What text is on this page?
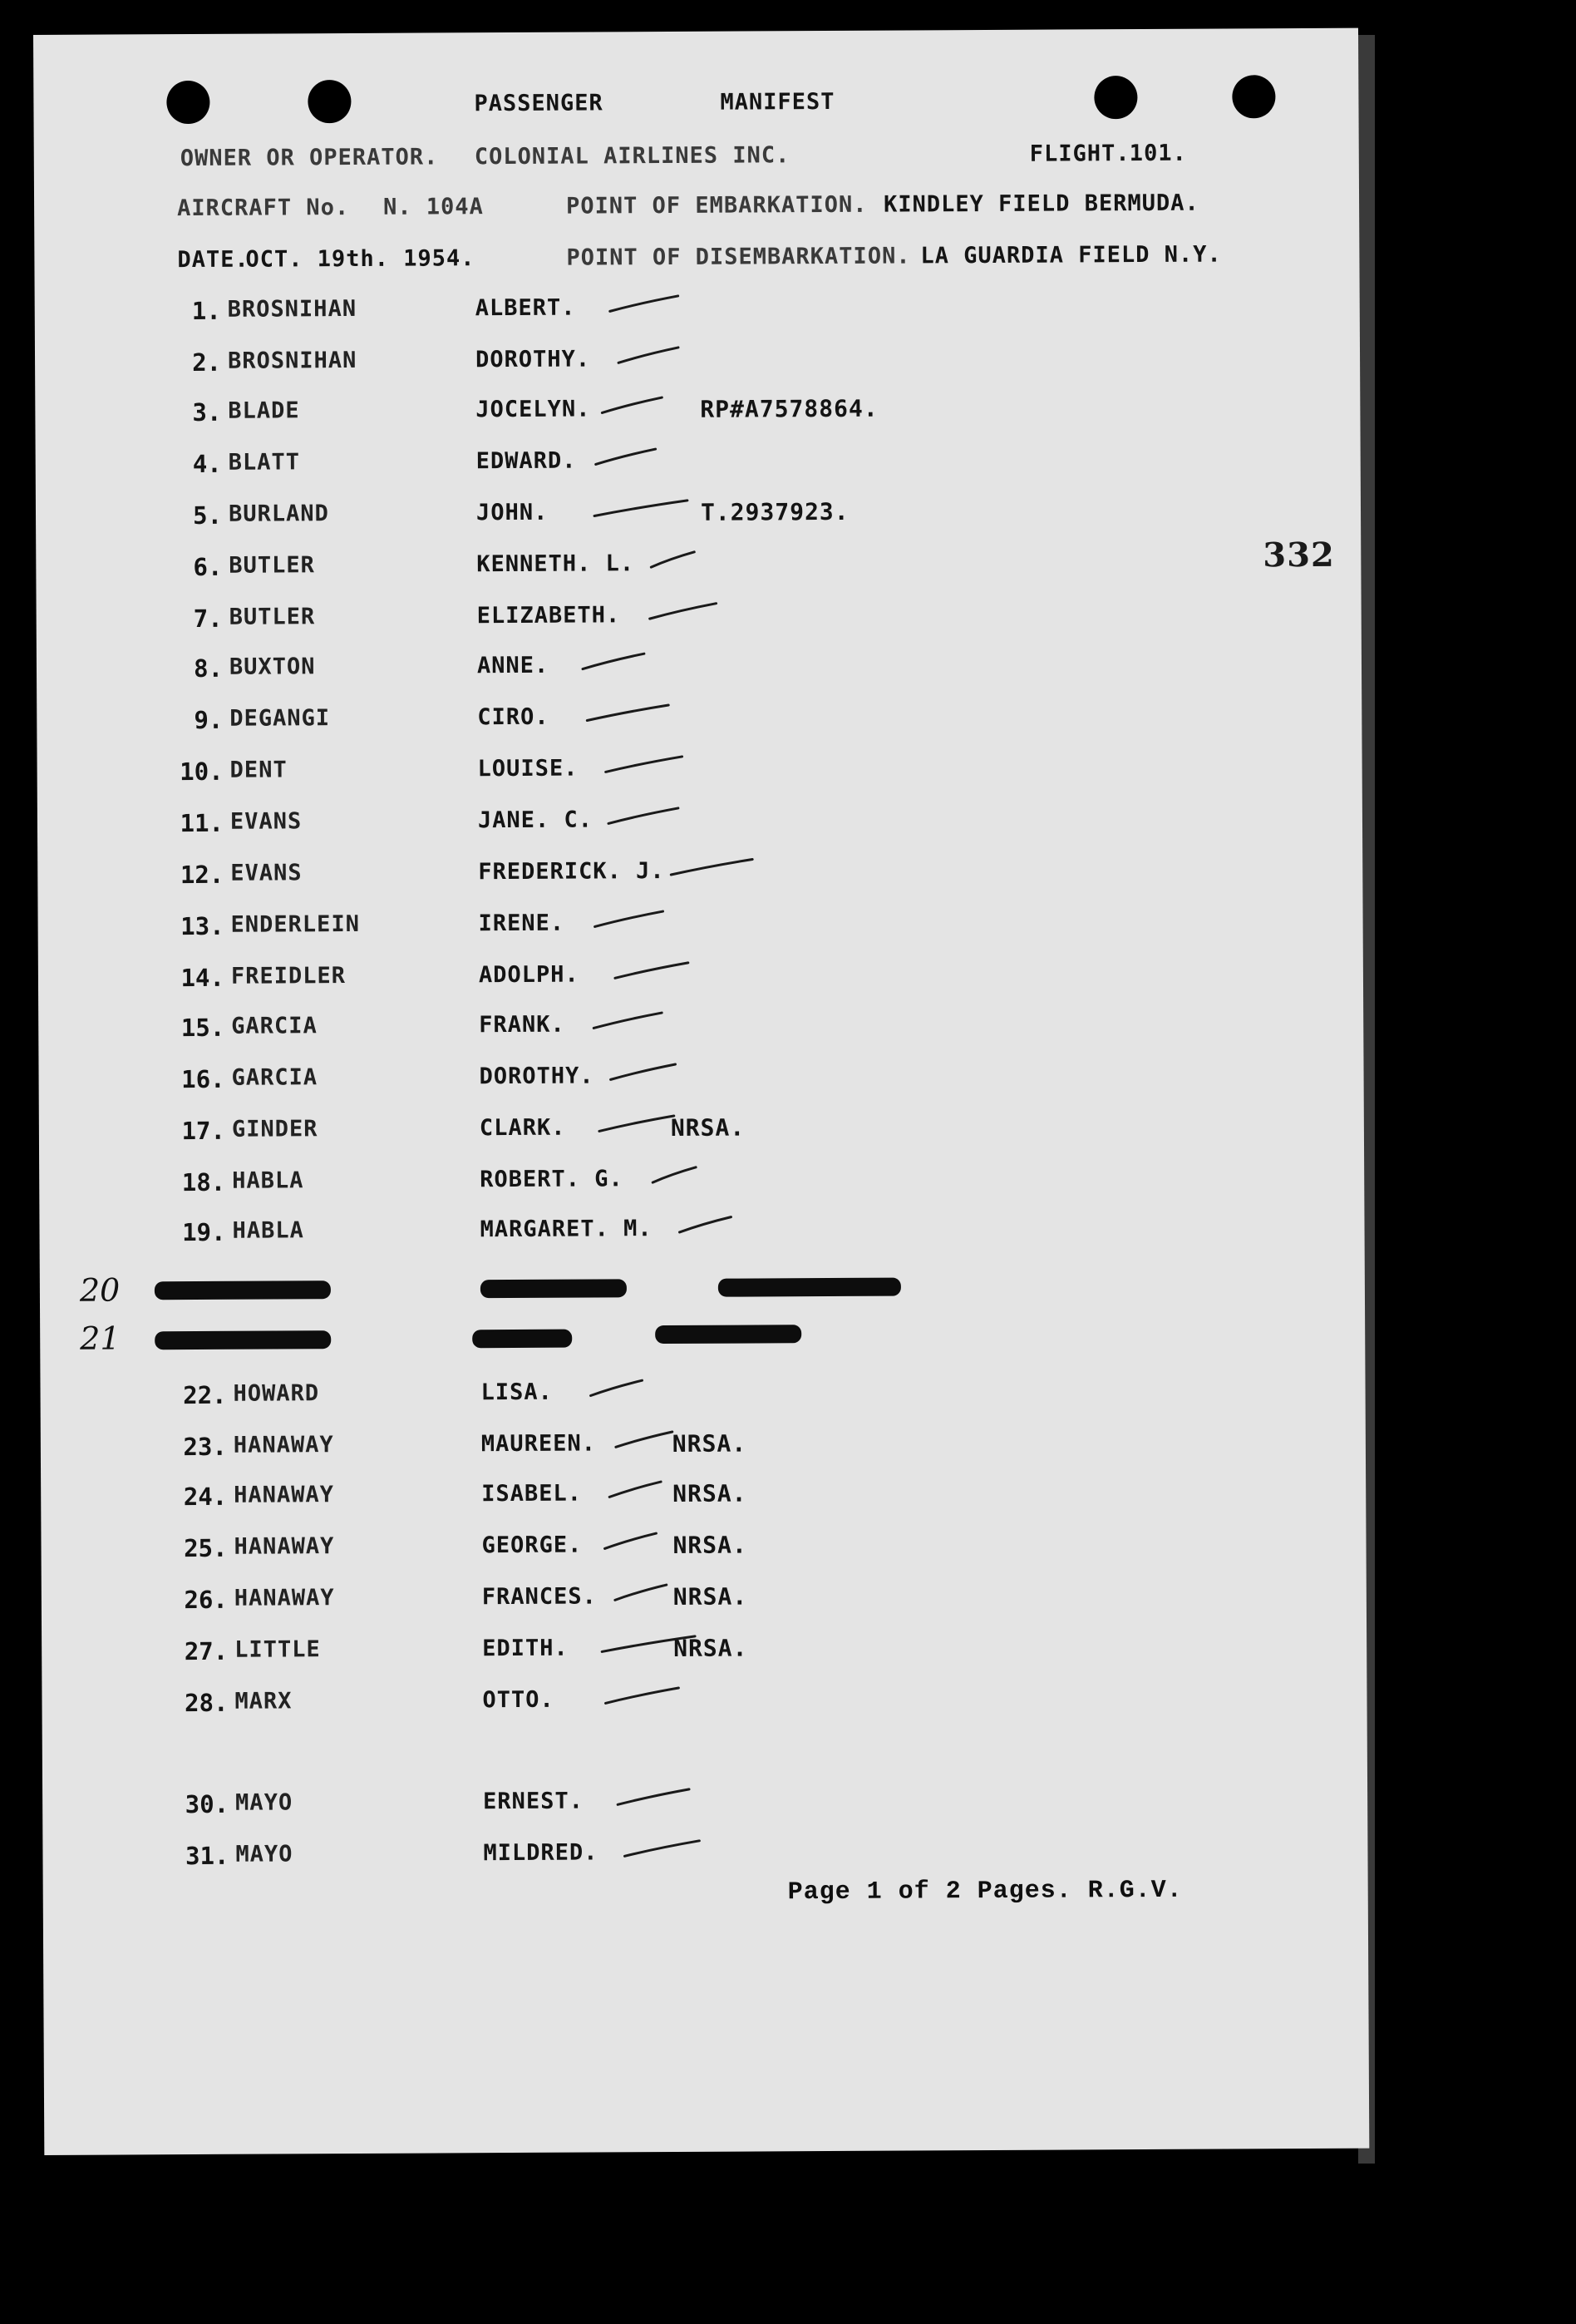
PASSENGER	MANIFEST
OWNER OR OPERATOR. COLONIAL AIRLINES INC.	FLIGHT. 101.
AIRCRAFT No. N. 104A	POINT OF EMBARKATION. KINDLEY FIELD BERMUDA.
DATE.
OCT. 19th. 1954.	POINT OF DISEMBARKATION. LA GUARDIA FIELD N.Y.
332
1. BROSNIHAN	ALBERT.
2. BROSNIHAN	DOROTHY.
3. BLADE	JOCELYN.	RP#A7578864.
4. BLATT	EDWARD.
5. BURLAND	JOHN.	T.2937923.
6. BUTLER	KENNETH. L.
7. BUTLER	ELIZABETH.
8. BUXTON	ANNE.
9. DEGANGI	CIRO.
10. DENT	LOUISE.
11. EVANS	JANE. C.
12. EVANS	FREDERICK. J.
13. ENDERLEIN	IRENE.
14. FREIDLER	ADOLPH.
15. GARCIA	FRANK.
16. GARCIA	DOROTHY.
17. GINDER	CLARK.	NRSA.
18. HABLA	ROBERT. G.
19. HABLA	MARGARET. M.
22. HOWARD	LISA.
23. HANAWAY	MAUREEN.	NRSA.
24. HANAWAY	ISABEL.	NRSA.
25. HANAWAY	GEORGE.	NRSA.
26. HANAWAY	FRANCES.	NRSA.
27. LITTLE	EDITH.	NRSA.
28. MARX	OTTO.
30. MAYO	ERNEST.
31. MAYO	MILDRED.
20
21
Page 1 of 2 Pages. R.G.V.
